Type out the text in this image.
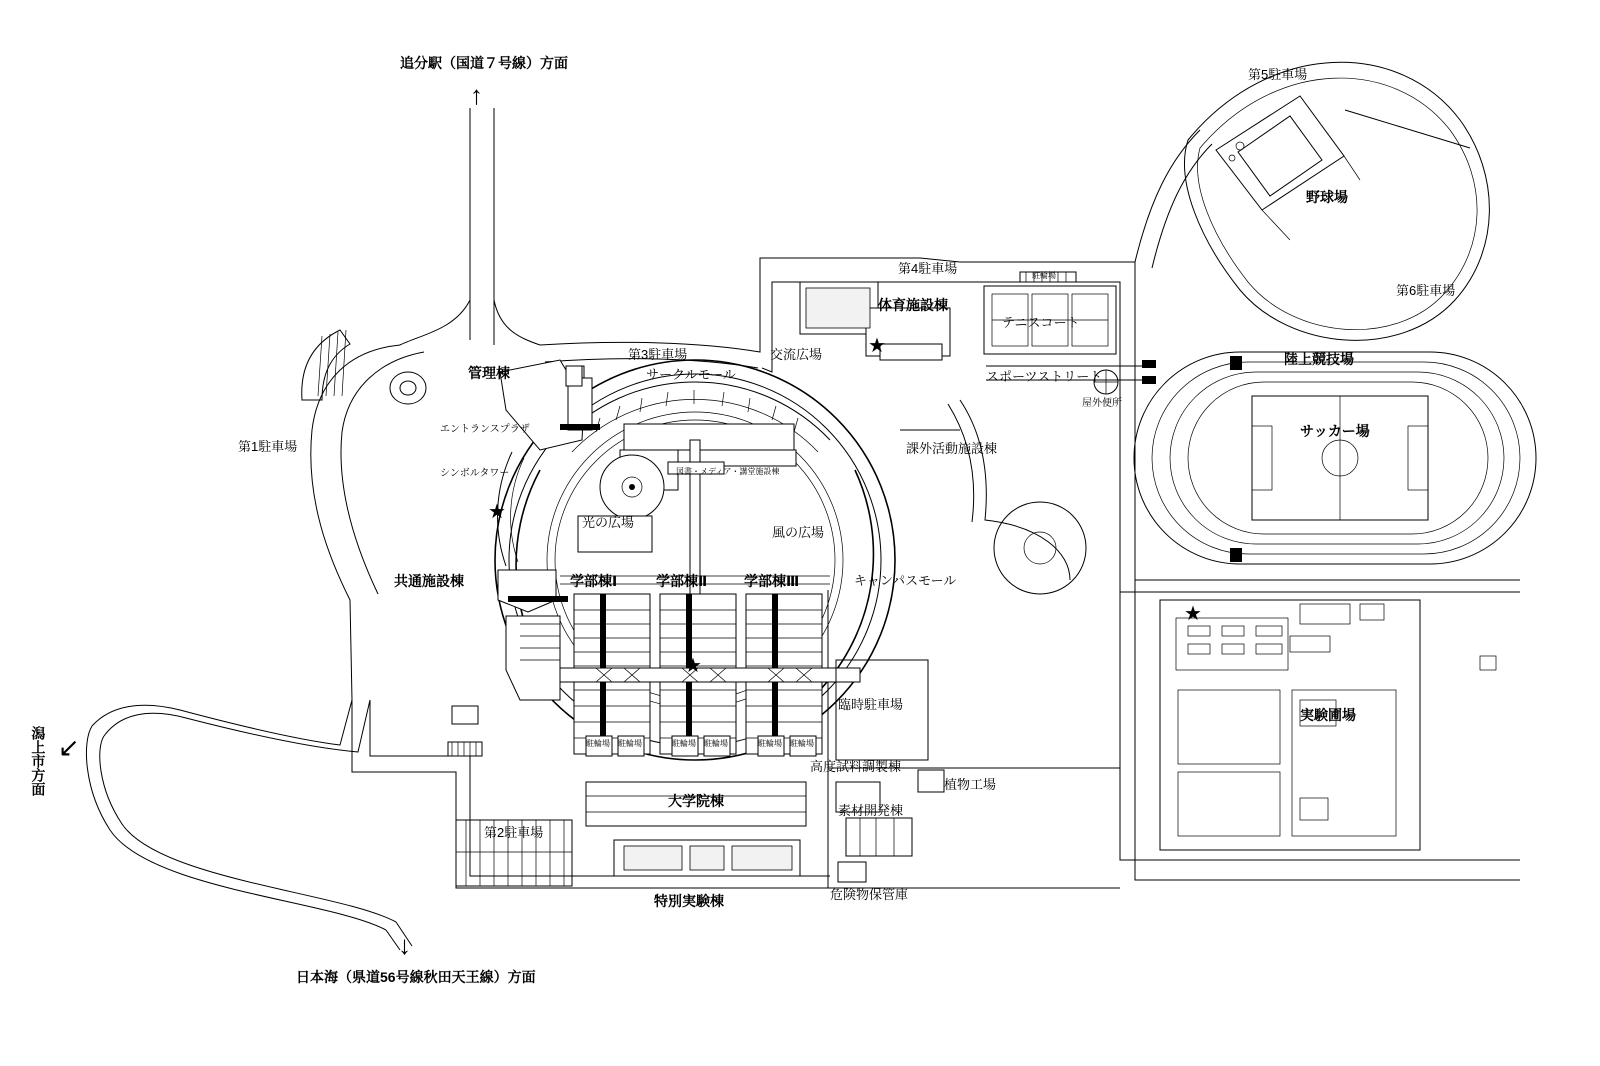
追分駅（国道７号線）方面
↑
日本海（県道56号線秋田天王線）方面
↓
潟上市方面 ↙
第1駐車場
第2駐車場
第3駐車場
第4駐車場
第5駐車場
第6駐車場
臨時駐車場
管理棟	サークルモール
エントランスプラザ
シンボルタワー
共通施設棟
光の広場
風の広場
交流広場
図書・メディア・講堂施設棟
学部棟Ⅰ	学部棟Ⅱ	学部棟Ⅲ	キャンパスモール
課外活動施設棟
体育施設棟
テニスコート
スポーツストリート
屋外便所
野球場
陸上競技場
サッカー場
実験圃場
大学院棟
特別実験棟
素材開発棟
高度試料調製棟
植物工場
危険物保管庫
駐輪場 駐輪場	駐輪場 駐輪場	駐輪場 駐輪場
駐輪場
★
★
★
★
